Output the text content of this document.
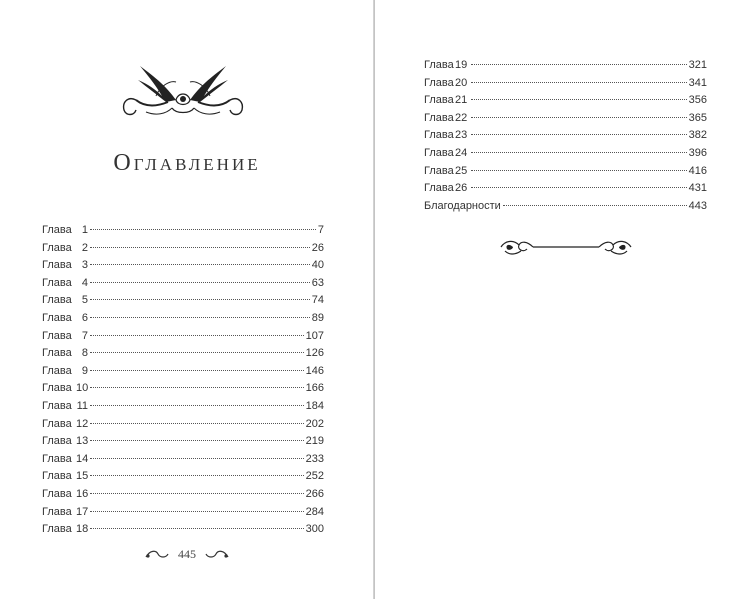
Оглавление
Глава 1	7
Глава 2	26
Глава 3	40
Глава 4	63
Глава 5	74
Глава 6	89
Глава 7	107
Глава 8	126
Глава 9	146
Глава 10	166
Глава 11	184
Глава 12	202
Глава 13	219
Глава 14	233
Глава 15	252
Глава 16	266
Глава 17	284
Глава 18	300
445
Глава 19	321
Глава 20	341
Глава 21	356
Глава 22	365
Глава 23	382
Глава 24	396
Глава 25	416
Глава 26	431
Благодарности	443
